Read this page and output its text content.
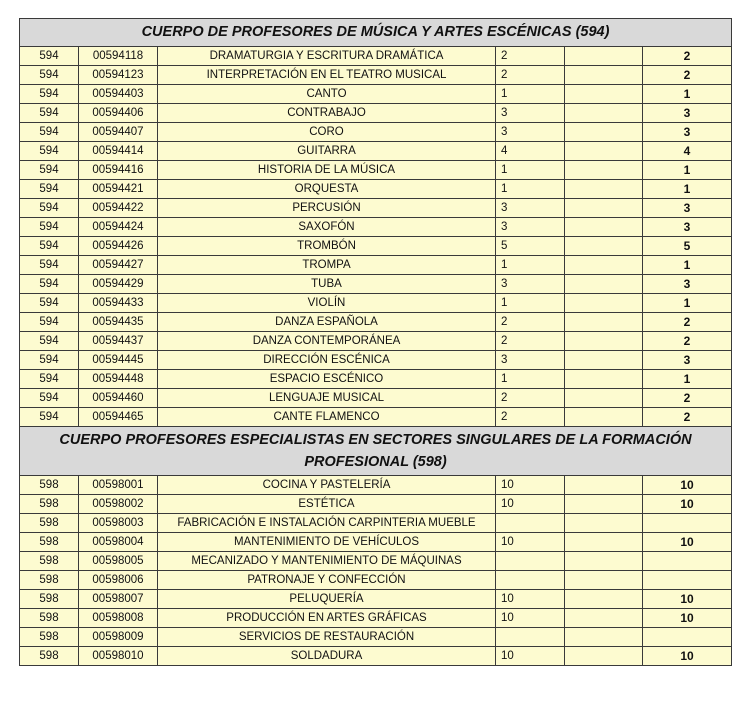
CUERPO DE PROFESORES DE MÚSICA Y ARTES ESCÉNICAS (594)					
594	00594118	DRAMATURGIA Y ESCRITURA DRAMÁTICA	2		2
594	00594123	INTERPRETACIÓN EN EL TEATRO MUSICAL	2		2
594	00594403	CANTO	1		1
594	00594406	CONTRABAJO	3		3
594	00594407	CORO	3		3
594	00594414	GUITARRA	4		4
594	00594416	HISTORIA DE LA MÚSICA	1		1
594	00594421	ORQUESTA	1		1
594	00594422	PERCUSIÓN	3		3
594	00594424	SAXOFÓN	3		3
594	00594426	TROMBÓN	5		5
594	00594427	TROMPA	1		1
594	00594429	TUBA	3		3
594	00594433	VIOLÍN	1		1
594	00594435	DANZA ESPAÑOLA	2		2
594	00594437	DANZA CONTEMPORÁNEA	2		2
594	00594445	DIRECCIÓN ESCÉNICA	3		3
594	00594448	ESPACIO ESCÉNICO	1		1
594	00594460	LENGUAJE MUSICAL	2		2
594	00594465	CANTE FLAMENCO	2		2
CUERPO PROFESORES ESPECIALISTAS EN SECTORES SINGULARES DE LA FORMACIÓN PROFESIONAL (598)					
598	00598001	COCINA Y PASTELERÍA	10		10
598	00598002	ESTÉTICA	10		10
598	00598003	FABRICACIÓN E INSTALACIÓN CARPINTERIA MUEBLE			
598	00598004	MANTENIMIENTO DE VEHÍCULOS	10		10
598	00598005	MECANIZADO Y MANTENIMIENTO DE MÁQUINAS			
598	00598006	PATRONAJE Y CONFECCIÓN			
598	00598007	PELUQUERÍA	10		10
598	00598008	PRODUCCIÓN EN ARTES GRÁFICAS	10		10
598	00598009	SERVICIOS DE RESTAURACIÓN			
598	00598010	SOLDADURA	10		10
